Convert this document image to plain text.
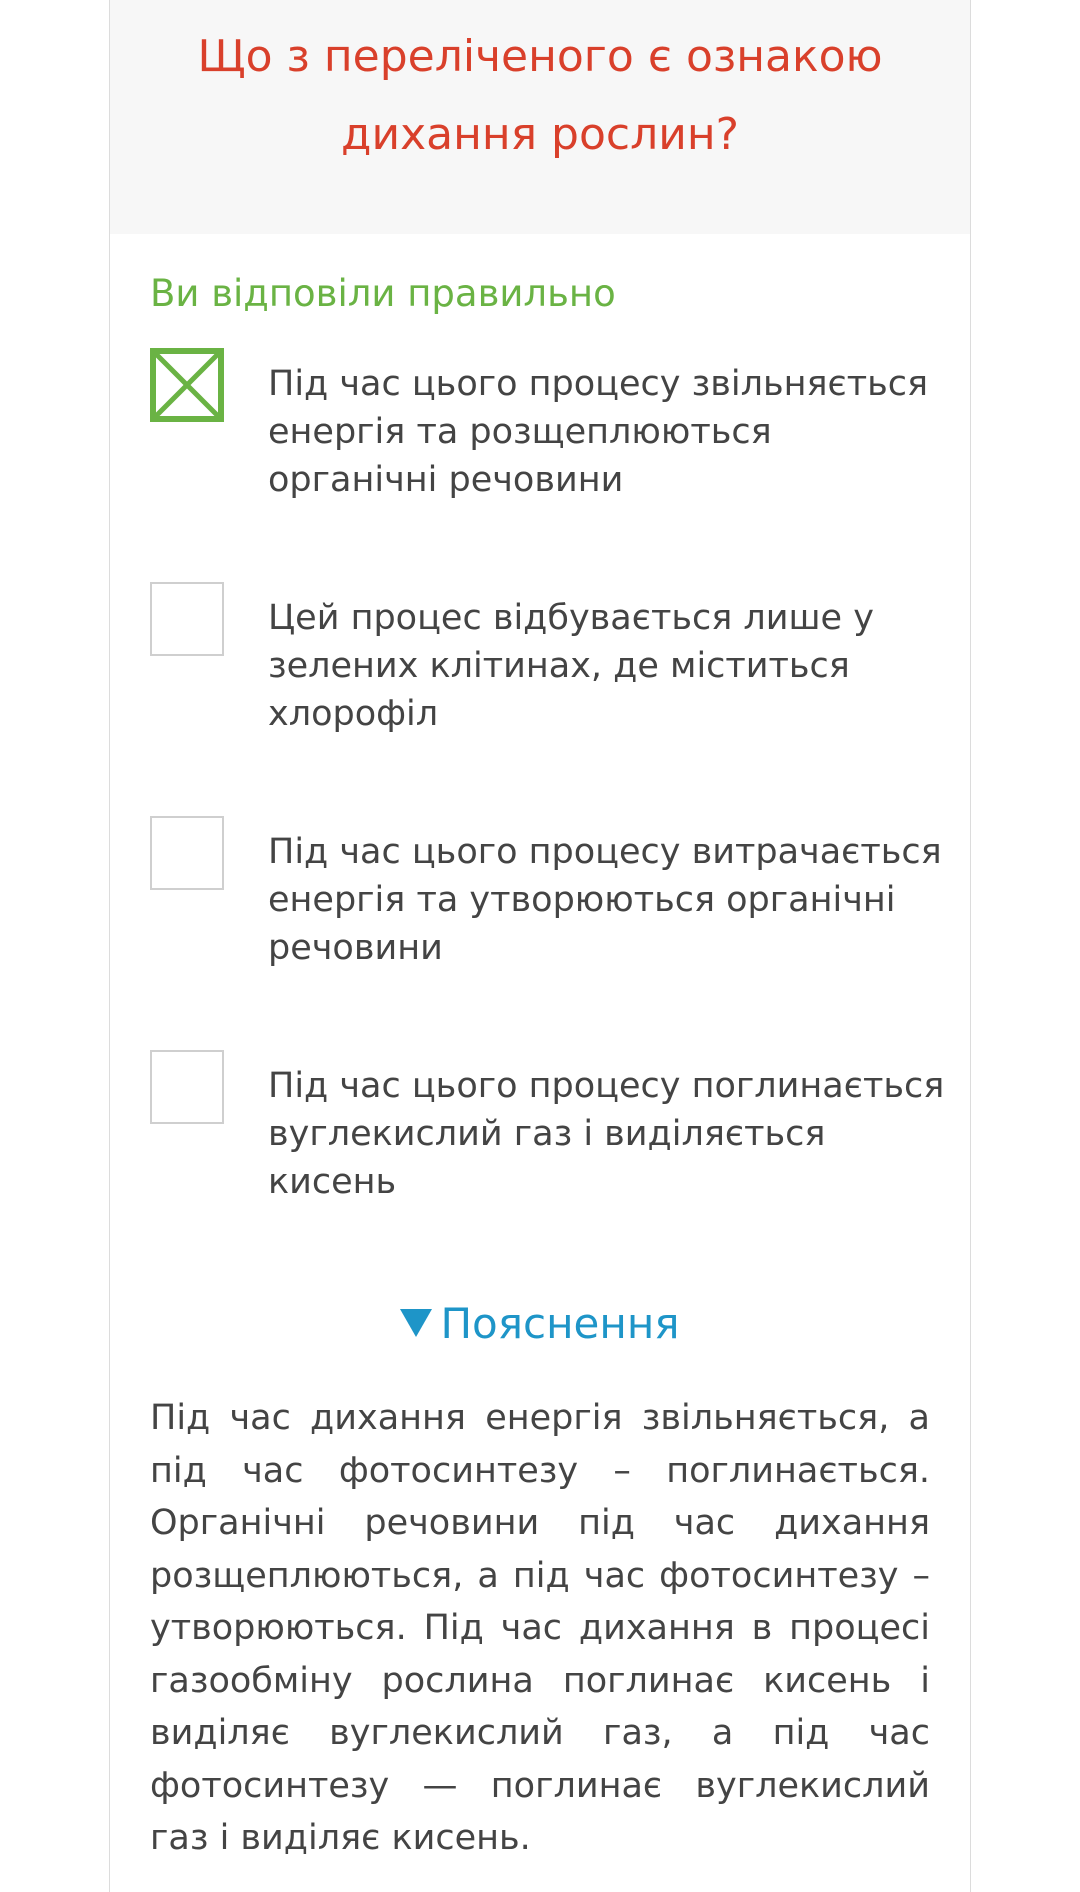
Що з переліченого є ознакою дихання рослин?

Ви відповіли правильно

Під час цього процесу звільняється енергія та розщеплюються органічні речовини
Цей процес відбувається лише у зелених клітинах, де міститься хлорофіл
Під час цього процесу витрачається енергія та утворюються органічні речовини
Під час цього процесу поглинається вуглекислий газ і виділяється кисень
Пояснення

Під час дихання енергія звільняється, а під час фотосинтезу – поглинається. Органічні речовини під час дихання розщеплюються, а під час фотосинтезу – утворюються. Під час дихання в процесі газообміну рослина поглинає кисень і виділяє вуглекислий газ, а під час фотосинтезу — поглинає вуглекислий газ і виділяє кисень.
